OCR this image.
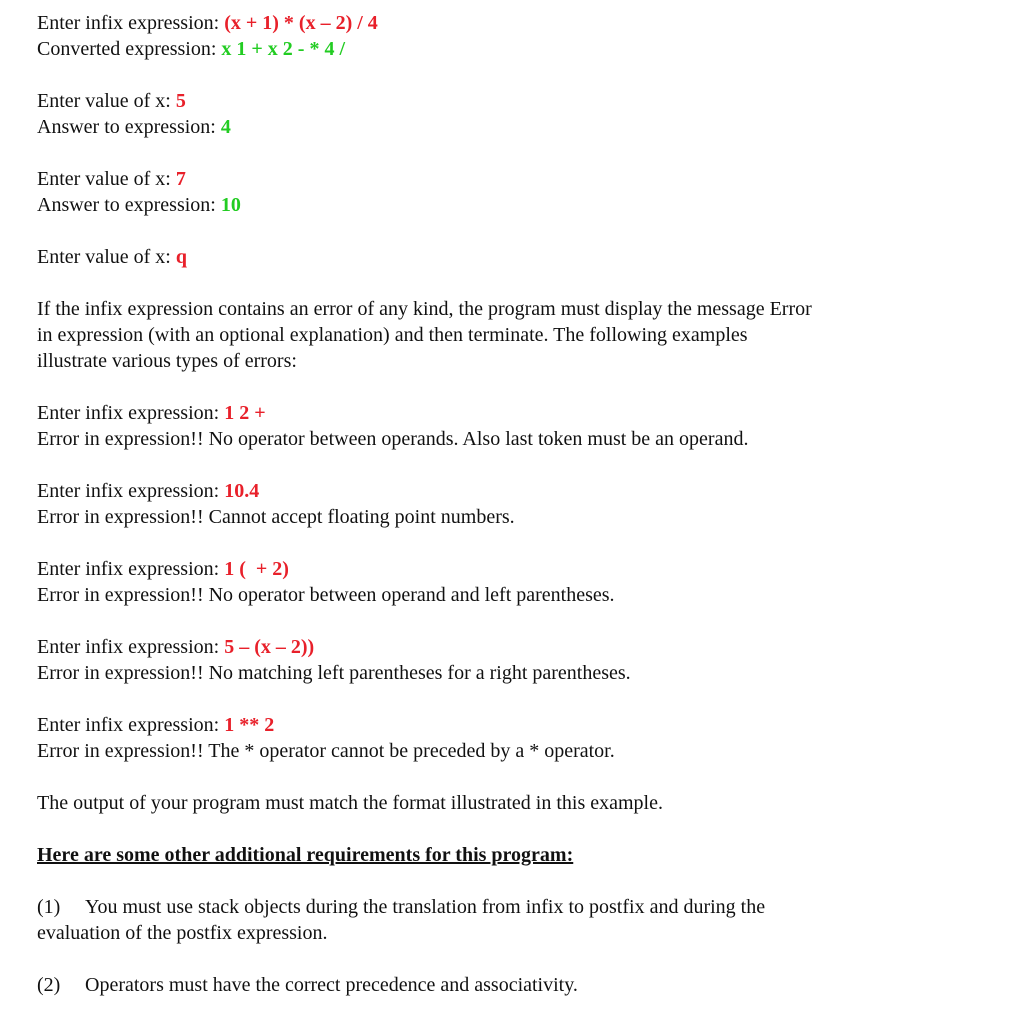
Enter infix expression: (x + 1) * (x – 2) / 4
Converted expression: x 1 + x 2 - * 4 /
Enter value of x: 5
Answer to expression: 4
Enter value of x: 7
Answer to expression: 10
Enter value of x: q
If the infix expression contains an error of any kind, the program must display the message Error
in expression (with an optional explanation) and then terminate. The following examples
illustrate various types of errors:
Enter infix expression: 1 2 +
Error in expression!! No operator between operands. Also last token must be an operand.
Enter infix expression: 10.4
Error in expression!! Cannot accept floating point numbers.
Enter infix expression: 1 (  + 2)
Error in expression!! No operator between operand and left parentheses.
Enter infix expression: 5 – (x – 2))
Error in expression!! No matching left parentheses for a right parentheses.
Enter infix expression: 1 ** 2
Error in expression!! The * operator cannot be preceded by a * operator.
The output of your program must match the format illustrated in this example.
Here are some other additional requirements for this program:
(1) You must use stack objects during the translation from infix to postfix and during the
evaluation of the postfix expression.
(2) Operators must have the correct precedence and associativity.
